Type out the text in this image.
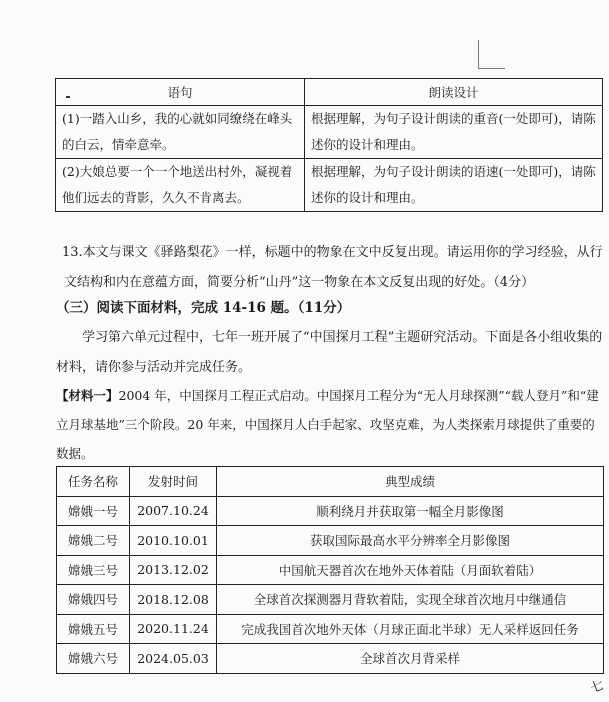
语句	朗读设计
(1)一踏入山乡，我的心就如同缭绕在峰头的白云，情牵意牵。	根据理解，为句子设计朗读的重音(一处即可)，请陈述你的设计和理由。
(2)大娘总要一个一个地送出村外，凝视着他们远去的背影，久久不肯离去。	根据理解，为句子设计朗读的语速(一处即可)，请陈述你的设计和理由。
13.本文与课文《驿路梨花》一样，标题中的物象在文中反复出现。请运用你的学习经验，从行文结构和内在意蕴方面，简要分析“山丹”这一物象在本文反复出现的好处。（4分）
（三）阅读下面材料，完成 14-16 题。（11分）
学习第六单元过程中，七年一班开展了“中国探月工程”主题研究活动。下面是各小组收集的材料，请你参与活动并完成任务。
【材料一】2004 年，中国探月工程正式启动。中国探月工程分为“无人月球探测”“载人登月”和“建立月球基地”三个阶段。20 年来，中国探月人白手起家、攻坚克难，为人类探索月球提供了重要的数据。
任务名称	发射时间	典型成绩
嫦娥一号	2007.10.24	顺利绕月并获取第一幅全月影像图
嫦娥二号	2010.10.01	获取国际最高水平分辨率全月影像图
嫦娥三号	2013.12.02	中国航天器首次在地外天体着陆（月面软着陆）
嫦娥四号	2018.12.08	全球首次探测器月背软着陆，实现全球首次地月中继通信
嫦娥五号	2020.11.24	完成我国首次地外天体（月球正面北半球）无人采样返回任务
嫦娥六号	2024.05.03	全球首次月背采样
七
